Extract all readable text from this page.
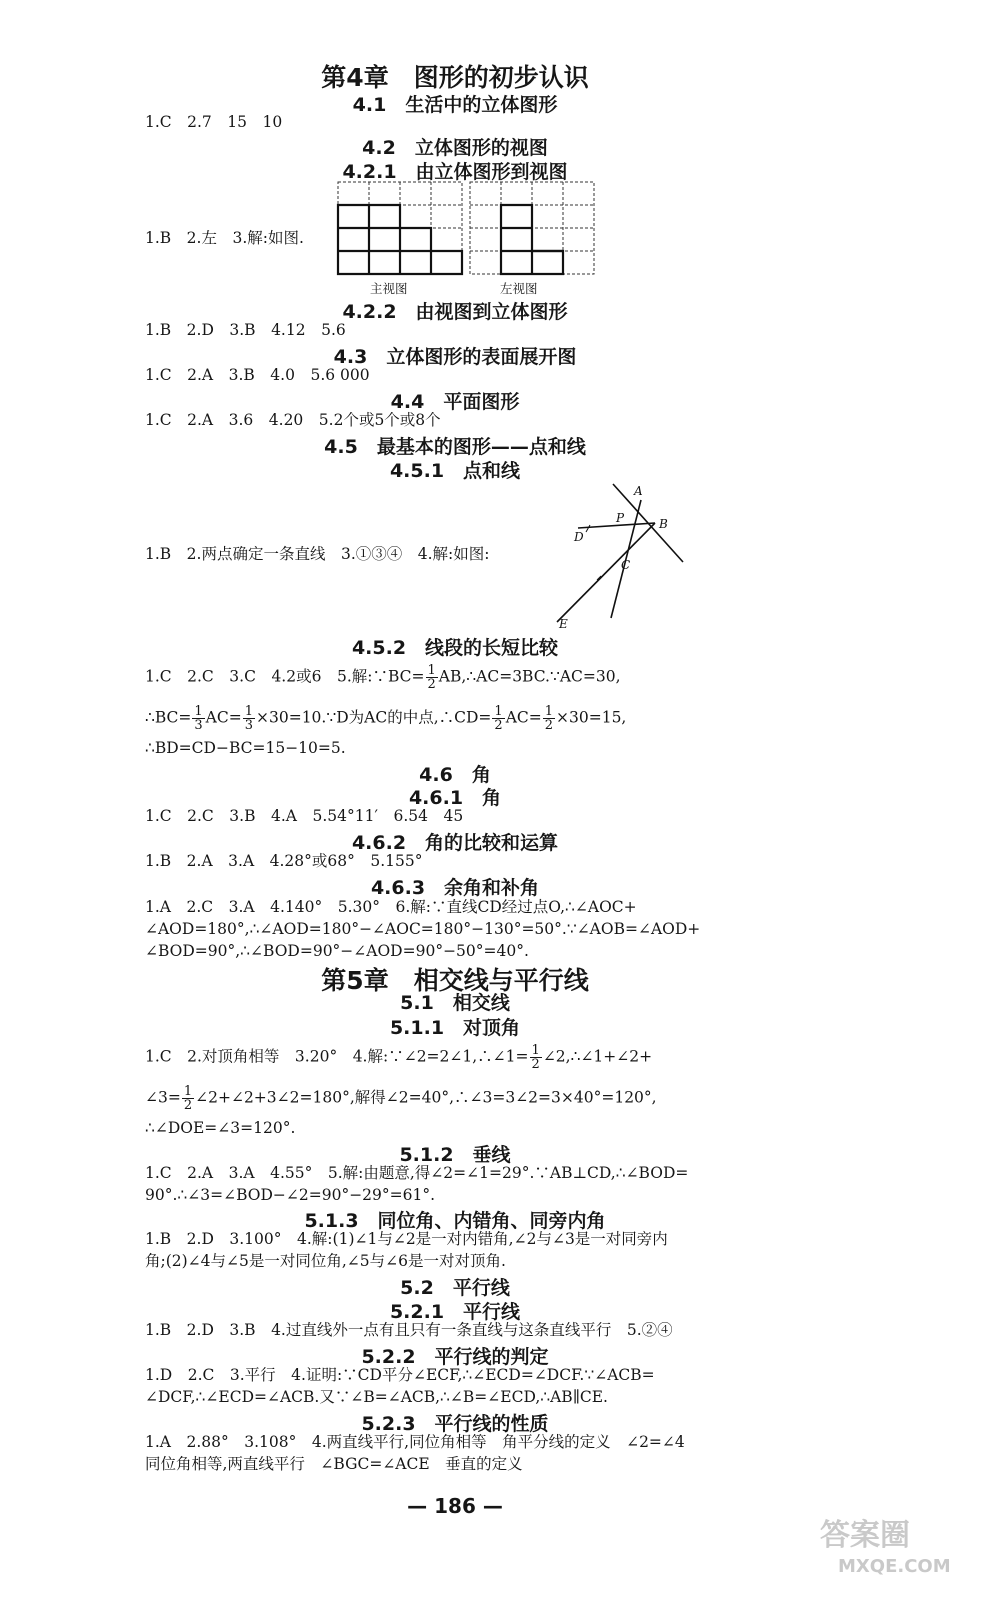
第4章　图形的初步认识
4.1　生活中的立体图形
1.C　2.7　15　10
4.2　立体图形的视图
4.2.1　由立体图形到视图
主视图	左视图
1.B　2.左　3.解:如图.
4.2.2　由视图到立体图形
1.B　2.D　3.B　4.12　5.6
4.3　立体图形的表面展开图
1.C　2.A　3.B　4.0　5.6 000
4.4　平面图形
1.C　2.A　3.6　4.20　5.2个或5个或8个
4.5　最基本的图形——点和线
4.5.1　点和线
A
B
C
D
E
P
1.B　2.两点确定一条直线　3.①③④　4.解:如图:
4.5.2　线段的长短比较
1.C　2.C　3.C　4.2或6　5.解:∵BC= $\frac{1}{2}$ AB,∴AC=3BC.∵AC=30,
∴BC= $\frac{1}{3} AC= \frac{1}{3}$ ×30=10.∵D为AC的中点,∴CD= $\frac{1}{2} AC= \frac{1}{2} \times 30=15$,
∴BD=CD−BC=15−10=5.
4.6　角
4.6.1　角
1.C　2.C　3.B　4.A　5.54°11′　6.54　45
4.6.2　角的比较和运算
1.B　2.A　3.A　4.28°或68°　5.155°
4.6.3　余角和补角
1.A　2.C　3.A　4.140°　5.30°　6.解:∵直线CD经过点O,∴∠AOC+
∠AOD=180°,∴∠AOD=180°−∠AOC=180°−130°=50°.∵∠AOB=∠AOD+
∠BOD=90°,∴∠BOD=90°−∠AOD=90°−50°=40°.
第5章　相交线与平行线
5.1　相交线
5.1.1　对顶角
1.C　2.对顶角相等　3.20°　4.解:∵∠2=2∠1,∴∠1= $\frac{1}{2}$ ∠2,∴∠1+∠2+
∠3= $\frac{1}{2}$ ∠2+∠2+3∠2=180°,解得∠2=40°,∴∠3=3∠2=3×40°=120°,
∴∠DOE=∠3=120°.
5.1.2　垂线
1.C　2.A　3.A　4.55°　5.解:由题意,得∠2=∠1=29°.∵AB⊥CD,∴∠BOD=
90°.∴∠3=∠BOD−∠2=90°−29°=61°.
5.1.3　同位角、内错角、同旁内角
1.B　2.D　3.100°　4.解:(1)∠1与∠2是一对内错角,∠2与∠3是一对同旁内
角;(2)∠4与∠5是一对同位角,∠5与∠6是一对对顶角.
5.2　平行线
5.2.1　平行线
1.B　2.D　3.B　4.过直线外一点有且只有一条直线与这条直线平行　5.②④
5.2.2　平行线的判定
1.D　2.C　3.平行　4.证明:∵CD平分∠ECF,∴∠ECD=∠DCF.∵∠ACB=
∠DCF,∴∠ECD=∠ACB.又∵∠B=∠ACB,∴∠B=∠ECD,∴AB∥CE.
5.2.3　平行线的性质
1.A　2.88°　3.108°　4.两直线平行,同位角相等　角平分线的定义　∠2=∠4
同位角相等,两直线平行　∠BGC=∠ACE　垂直的定义
— 186 —
答案圈
MXQE.COM
